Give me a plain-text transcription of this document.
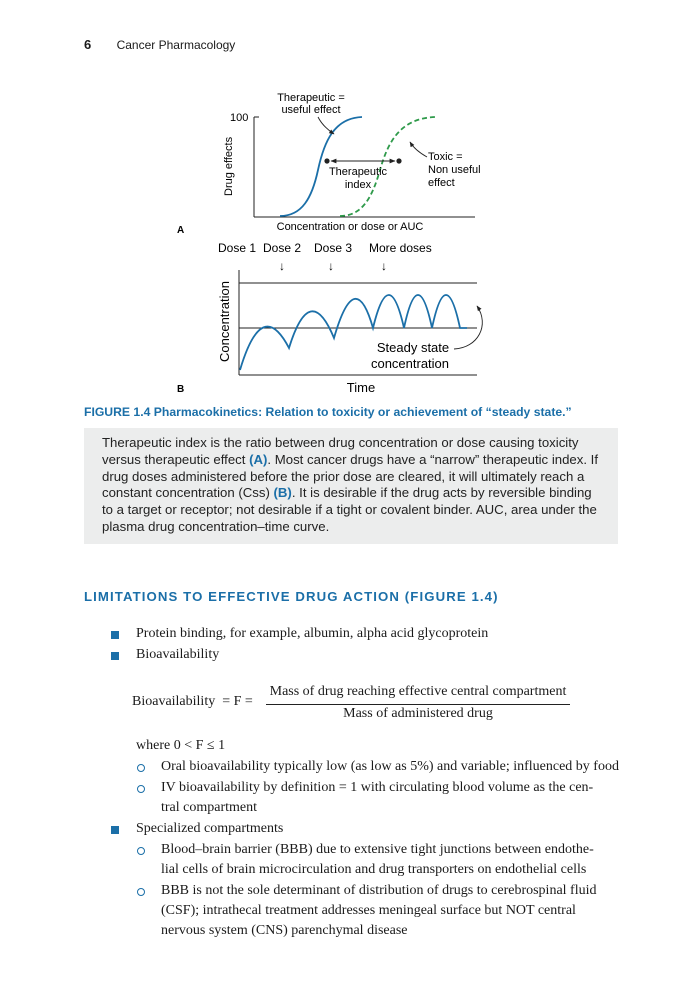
6 Cancer Pharmacology
100
Drug effects	Therapeutic
index
Therapeutic =
useful effect
Toxic =
Non useful
effect
Concentration or dose or AUC
A
Dose 1 Dose 2 Dose 3 More doses
↓	↓	↓
Concentration	Steady state
concentration
Time
B
FIGURE 1.4 Pharmacokinetics: Relation to toxicity or achievement of “steady state.”
Therapeutic index is the ratio between drug concentration or dose causing toxicity versus therapeutic effect (A). Most cancer drugs have a “narrow” therapeutic index. If drug doses administered before the prior dose are cleared, it will ultimately reach a constant concentration (Css) (B). It is desirable if the drug acts by reversible binding to a target or receptor; not desirable if a tight or covalent binder. AUC, area under the plasma drug concentration–time curve.
LIMITATIONS TO EFFECTIVE DRUG ACTION (FIGURE 1.4)
Protein binding, for example, albumin, alpha acid glycoprotein
Bioavailability
Bioavailability  = F =
Mass of drug reaching effective central compartment
Mass of administered drug
where 0 < F ≤ 1
Oral bioavailability typically low (as low as 5%) and variable; influenced by food
IV bioavailability by definition = 1 with circulating blood volume as the cen-
tral compartment
Specialized compartments
Blood–brain barrier (BBB) due to extensive tight junctions between endothe-
lial cells of brain microcirculation and drug transporters on endothelial cells
BBB is not the sole determinant of distribution of drugs to cerebrospinal fluid
(CSF); intrathecal treatment addresses meningeal surface but NOT central
nervous system (CNS) parenchymal disease
